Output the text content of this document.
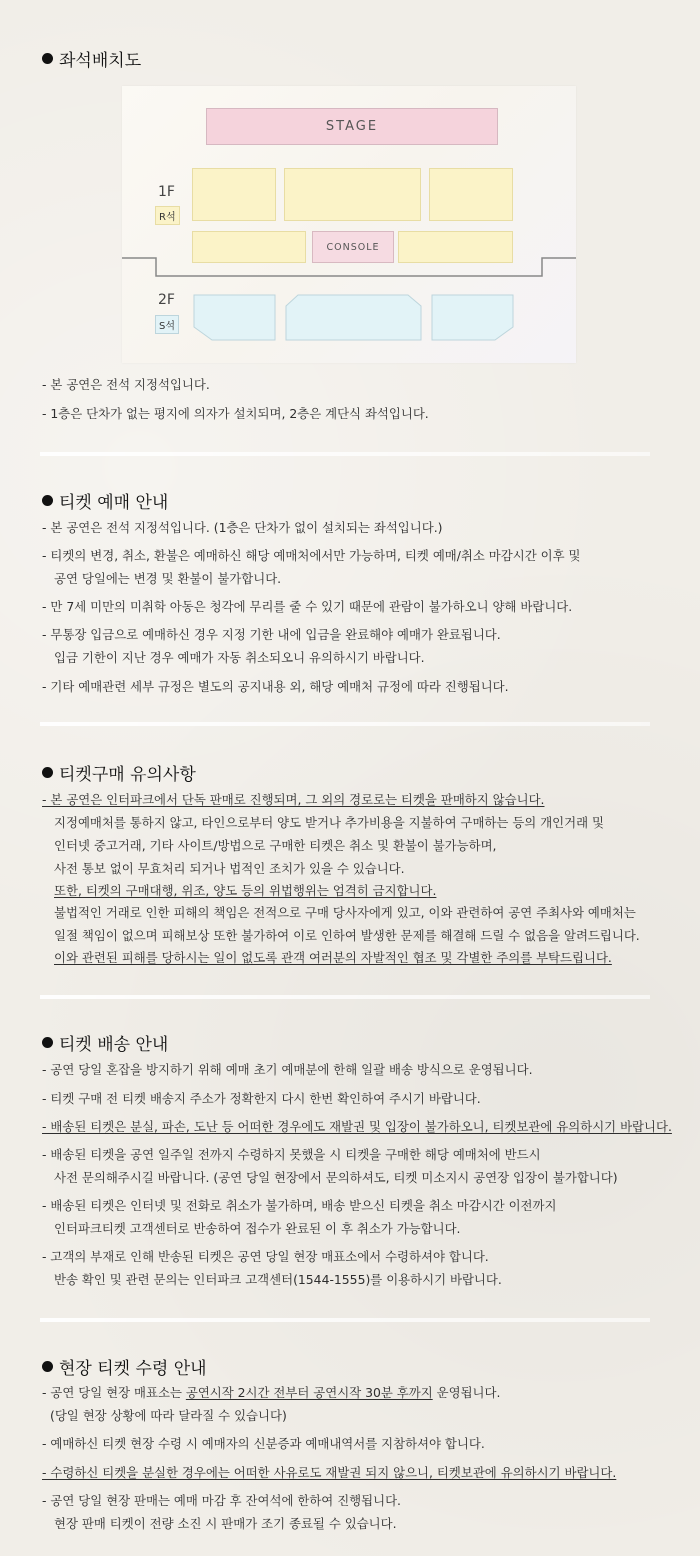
좌석배치도
STAGE
1F
R석
CONSOLE
2F
S석
- 본 공연은 전석 지정석입니다.
- 1층은 단차가 없는 평지에 의자가 설치되며, 2층은 계단식 좌석입니다.
티켓 예매 안내
- 본 공연은 전석 지정석입니다. (1층은 단차가 없이 설치되는 좌석입니다.)
- 티켓의 변경, 취소, 환불은 예매하신 해당 예매처에서만 가능하며, 티켓 예매/취소 마감시간 이후 및
공연 당일에는 변경 및 환불이 불가합니다.
- 만 7세 미만의 미취학 아동은 청각에 무리를 줄 수 있기 때문에 관람이 불가하오니 양해 바랍니다.
- 무통장 입금으로 예매하신 경우 지정 기한 내에 입금을 완료해야 예매가 완료됩니다.
입금 기한이 지난 경우 예매가 자동 취소되오니 유의하시기 바랍니다.
- 기타 예매관련 세부 규정은 별도의 공지내용 외, 해당 예매처 규정에 따라 진행됩니다.
티켓구매 유의사항
- 본 공연은 인터파크에서 단독 판매로 진행되며, 그 외의 경로로는 티켓을 판매하지 않습니다.
지정예매처를 통하지 않고, 타인으로부터 양도 받거나 추가비용을 지불하여 구매하는 등의 개인거래 및
인터넷 중고거래, 기타 사이트/방법으로 구매한 티켓은 취소 및 환불이 불가능하며,
사전 통보 없이 무효처리 되거나 법적인 조치가 있을 수 있습니다.
또한, 티켓의 구매대행, 위조, 양도 등의 위법행위는 엄격히 금지합니다.
불법적인 거래로 인한 피해의 책임은 전적으로 구매 당사자에게 있고, 이와 관련하여 공연 주최사와 예매처는
일절 책임이 없으며 피해보상 또한 불가하여 이로 인하여 발생한 문제를 해결해 드릴 수 없음을 알려드립니다.
이와 관련된 피해를 당하시는 일이 없도록 관객 여러분의 자발적인 협조 및 각별한 주의를 부탁드립니다.
티켓 배송 안내
- 공연 당일 혼잡을 방지하기 위해 예매 초기 예매분에 한해 일괄 배송 방식으로 운영됩니다.
- 티켓 구매 전 티켓 배송지 주소가 정확한지 다시 한번 확인하여 주시기 바랍니다.
- 배송된 티켓은 분실, 파손, 도난 등 어떠한 경우에도 재발권 및 입장이 불가하오니, 티켓보관에 유의하시기 바랍니다.
- 배송된 티켓을 공연 일주일 전까지 수령하지 못했을 시 티켓을 구매한 해당 예매처에 반드시
사전 문의해주시길 바랍니다. (공연 당일 현장에서 문의하셔도, 티켓 미소지시 공연장 입장이 불가합니다)
- 배송된 티켓은 인터넷 및 전화로 취소가 불가하며, 배송 받으신 티켓을 취소 마감시간 이전까지
인터파크티켓 고객센터로 반송하여 접수가 완료된 이 후 취소가 가능합니다.
- 고객의 부재로 인해 반송된 티켓은 공연 당일 현장 매표소에서 수령하셔야 합니다.
반송 확인 및 관련 문의는 인터파크 고객센터(1544-1555)를 이용하시기 바랍니다.
현장 티켓 수령 안내
- 공연 당일 현장 매표소는 공연시작 2시간 전부터 공연시작 30분 후까지 운영됩니다.
(당일 현장 상황에 따라 달라질 수 있습니다)
- 예매하신 티켓 현장 수령 시 예매자의 신분증과 예매내역서를 지참하셔야 합니다.
- 수령하신 티켓을 분실한 경우에는 어떠한 사유로도 재발권 되지 않으니, 티켓보관에 유의하시기 바랍니다.
- 공연 당일 현장 판매는 예매 마감 후 잔여석에 한하여 진행됩니다.
현장 판매 티켓이 전량 소진 시 판매가 조기 종료될 수 있습니다.
